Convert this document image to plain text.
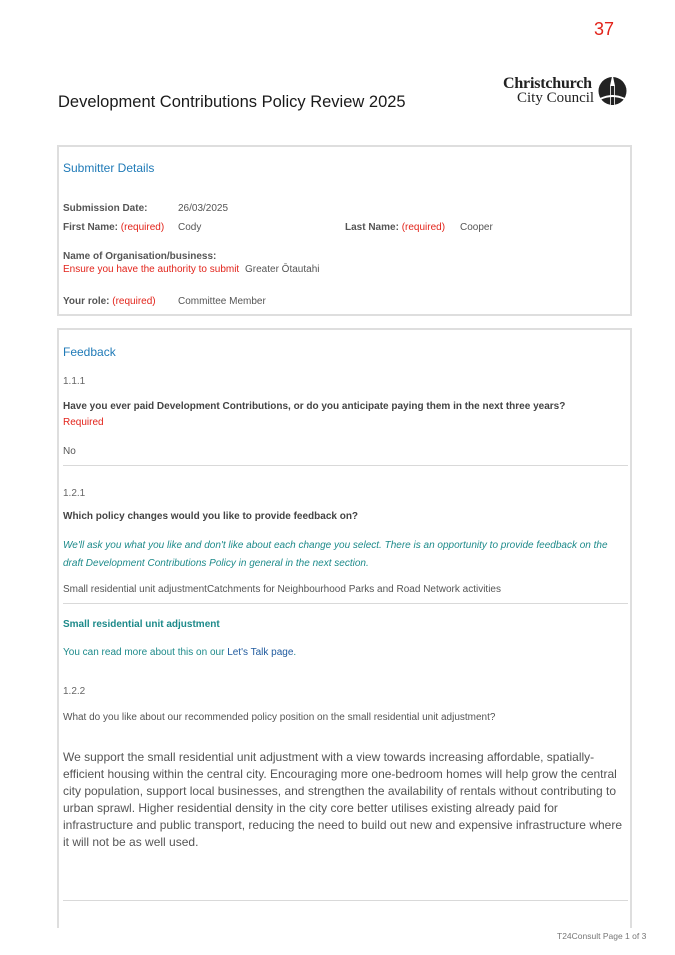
37
Christchurch
City Council
Development Contributions Policy Review 2025
Submitter Details
Submission Date:	26/03/2025
First Name: (required) Cody	Last Name: (required) Cooper
Name of Organisation/business:
Ensure you have the authority to submit Greater Ōtautahi
Your role: (required) Committee Member
Feedback
1.1.1
Have you ever paid Development Contributions, or do you anticipate paying them in the next three years?
Required
No
1.2.1
Which policy changes would you like to provide feedback on?
We'll ask you what you like and don't like about each change you select. There is an opportunity to provide feedback on the draft Development Contributions Policy in general in the next section.
Small residential unit adjustmentCatchments for Neighbourhood Parks and Road Network activities
Small residential unit adjustment
You can read more about this on our Let's Talk page.
1.2.2
What do you like about our recommended policy position on the small residential unit adjustment?
We support the small residential unit adjustment with a view towards increasing affordable, spatially-efficient housing within the central city. Encouraging more one-bedroom homes will help grow the central city population, support local businesses, and strengthen the availability of rentals without contributing to urban sprawl. Higher residential density in the city core better utilises existing already paid for infrastructure and public transport, reducing the need to build out new and expensive infrastructure where it will not be as well used.
T24Consult Page 1 of 3
